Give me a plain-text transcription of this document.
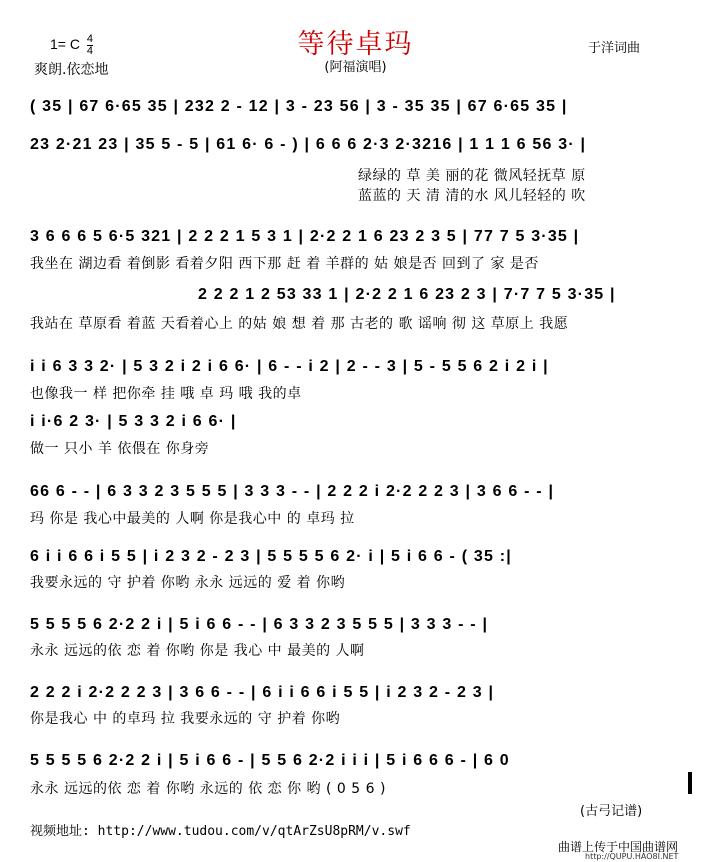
等待卓玛
1= C $\frac{4}{4}$	于洋词曲
爽朗.依恋地	(阿福演唱)
( 35 | 67 6·65 35 | 232 2 - 12 | 3 - 23 56 | 3 - 35 35 | 67 6·65 35 |
23 2·21 23 | 35 5 - 5 | 61 6· 6 - ) | 6 6 6 2·3 2·3216 | 1 1 1 6 56 3· |
绿绿的 草 美 丽的花 微风轻抚草 原
蓝蓝的 天 清 清的水 风儿轻轻的 吹
3 6 6 6 5 6·5 321 | 2 2 2 1 5 3 1 | 2·2 2 1 6 23 2 3 5 | 77 7 5 3·35 |
我坐在 湖边看 着倒影 看着夕阳 西下那 赶 着 羊群的 姑 娘是否 回到了 家 是否
2 2 2 1 2 53 33 1 | 2·2 2 1 6 23 2 3 | 7·7 7 5 3·35 |
我站在 草原看 着蓝 天看着心上 的姑 娘 想 着 那 古老的 歌 谣响 彻 这 草原上 我愿
i i 6 3 3 2· | 5 3 2 i 2 i 6 6· | 6 - - i 2 | 2 - - 3 | 5 - 5 5 6 2 i 2 i |
也像我一 样 把你牵 挂 哦 卓 玛 哦 我的卓
i i·6 2 3· | 5 3 3 2 i 6 6· |
做一 只小 羊 依偎在 你身旁
66 6 - - | 6 3 3 2 3 5 5 5 | 3 3 3 - - | 2 2 2 i 2·2 2 2 3 | 3 6 6 - - |
玛 你是 我心中最美的 人啊 你是我心中 的 卓玛 拉
6 i i 6 6 i 5 5 | i 2 3 2 - 2 3 | 5 5 5 5 6 2· i | 5 i 6 6 - ( 35 :|
我要永远的 守 护着 你哟 永永 远远的 爱 着 你哟
5 5 5 5 6 2·2 2 i | 5 i 6 6 - - | 6 3 3 2 3 5 5 5 | 3 3 3 - - |
永永 远远的依 恋 着 你哟 你是 我心 中 最美的 人啊
2 2 2 i 2·2 2 2 3 | 3 6 6 - - | 6 i i 6 6 i 5 5 | i 2 3 2 - 2 3 |
你是我心 中 的卓玛 拉 我要永远的 守 护着 你哟
5 5 5 5 6 2·2 2 i | 5 i 6 6 - | 5 5 6 2·2 i i i | 5 i 6 6 6 - | 6 0
永永 远远的依 恋 着 你哟 永远的 依 恋 你 哟 ( 0 5 6 )
(古弓记谱)
视频地址: http://www.tudou.com/v/qtArZsU8pRM/v.swf
曲谱上传于中国曲谱网
http://QUPU.HAO8I.NET
